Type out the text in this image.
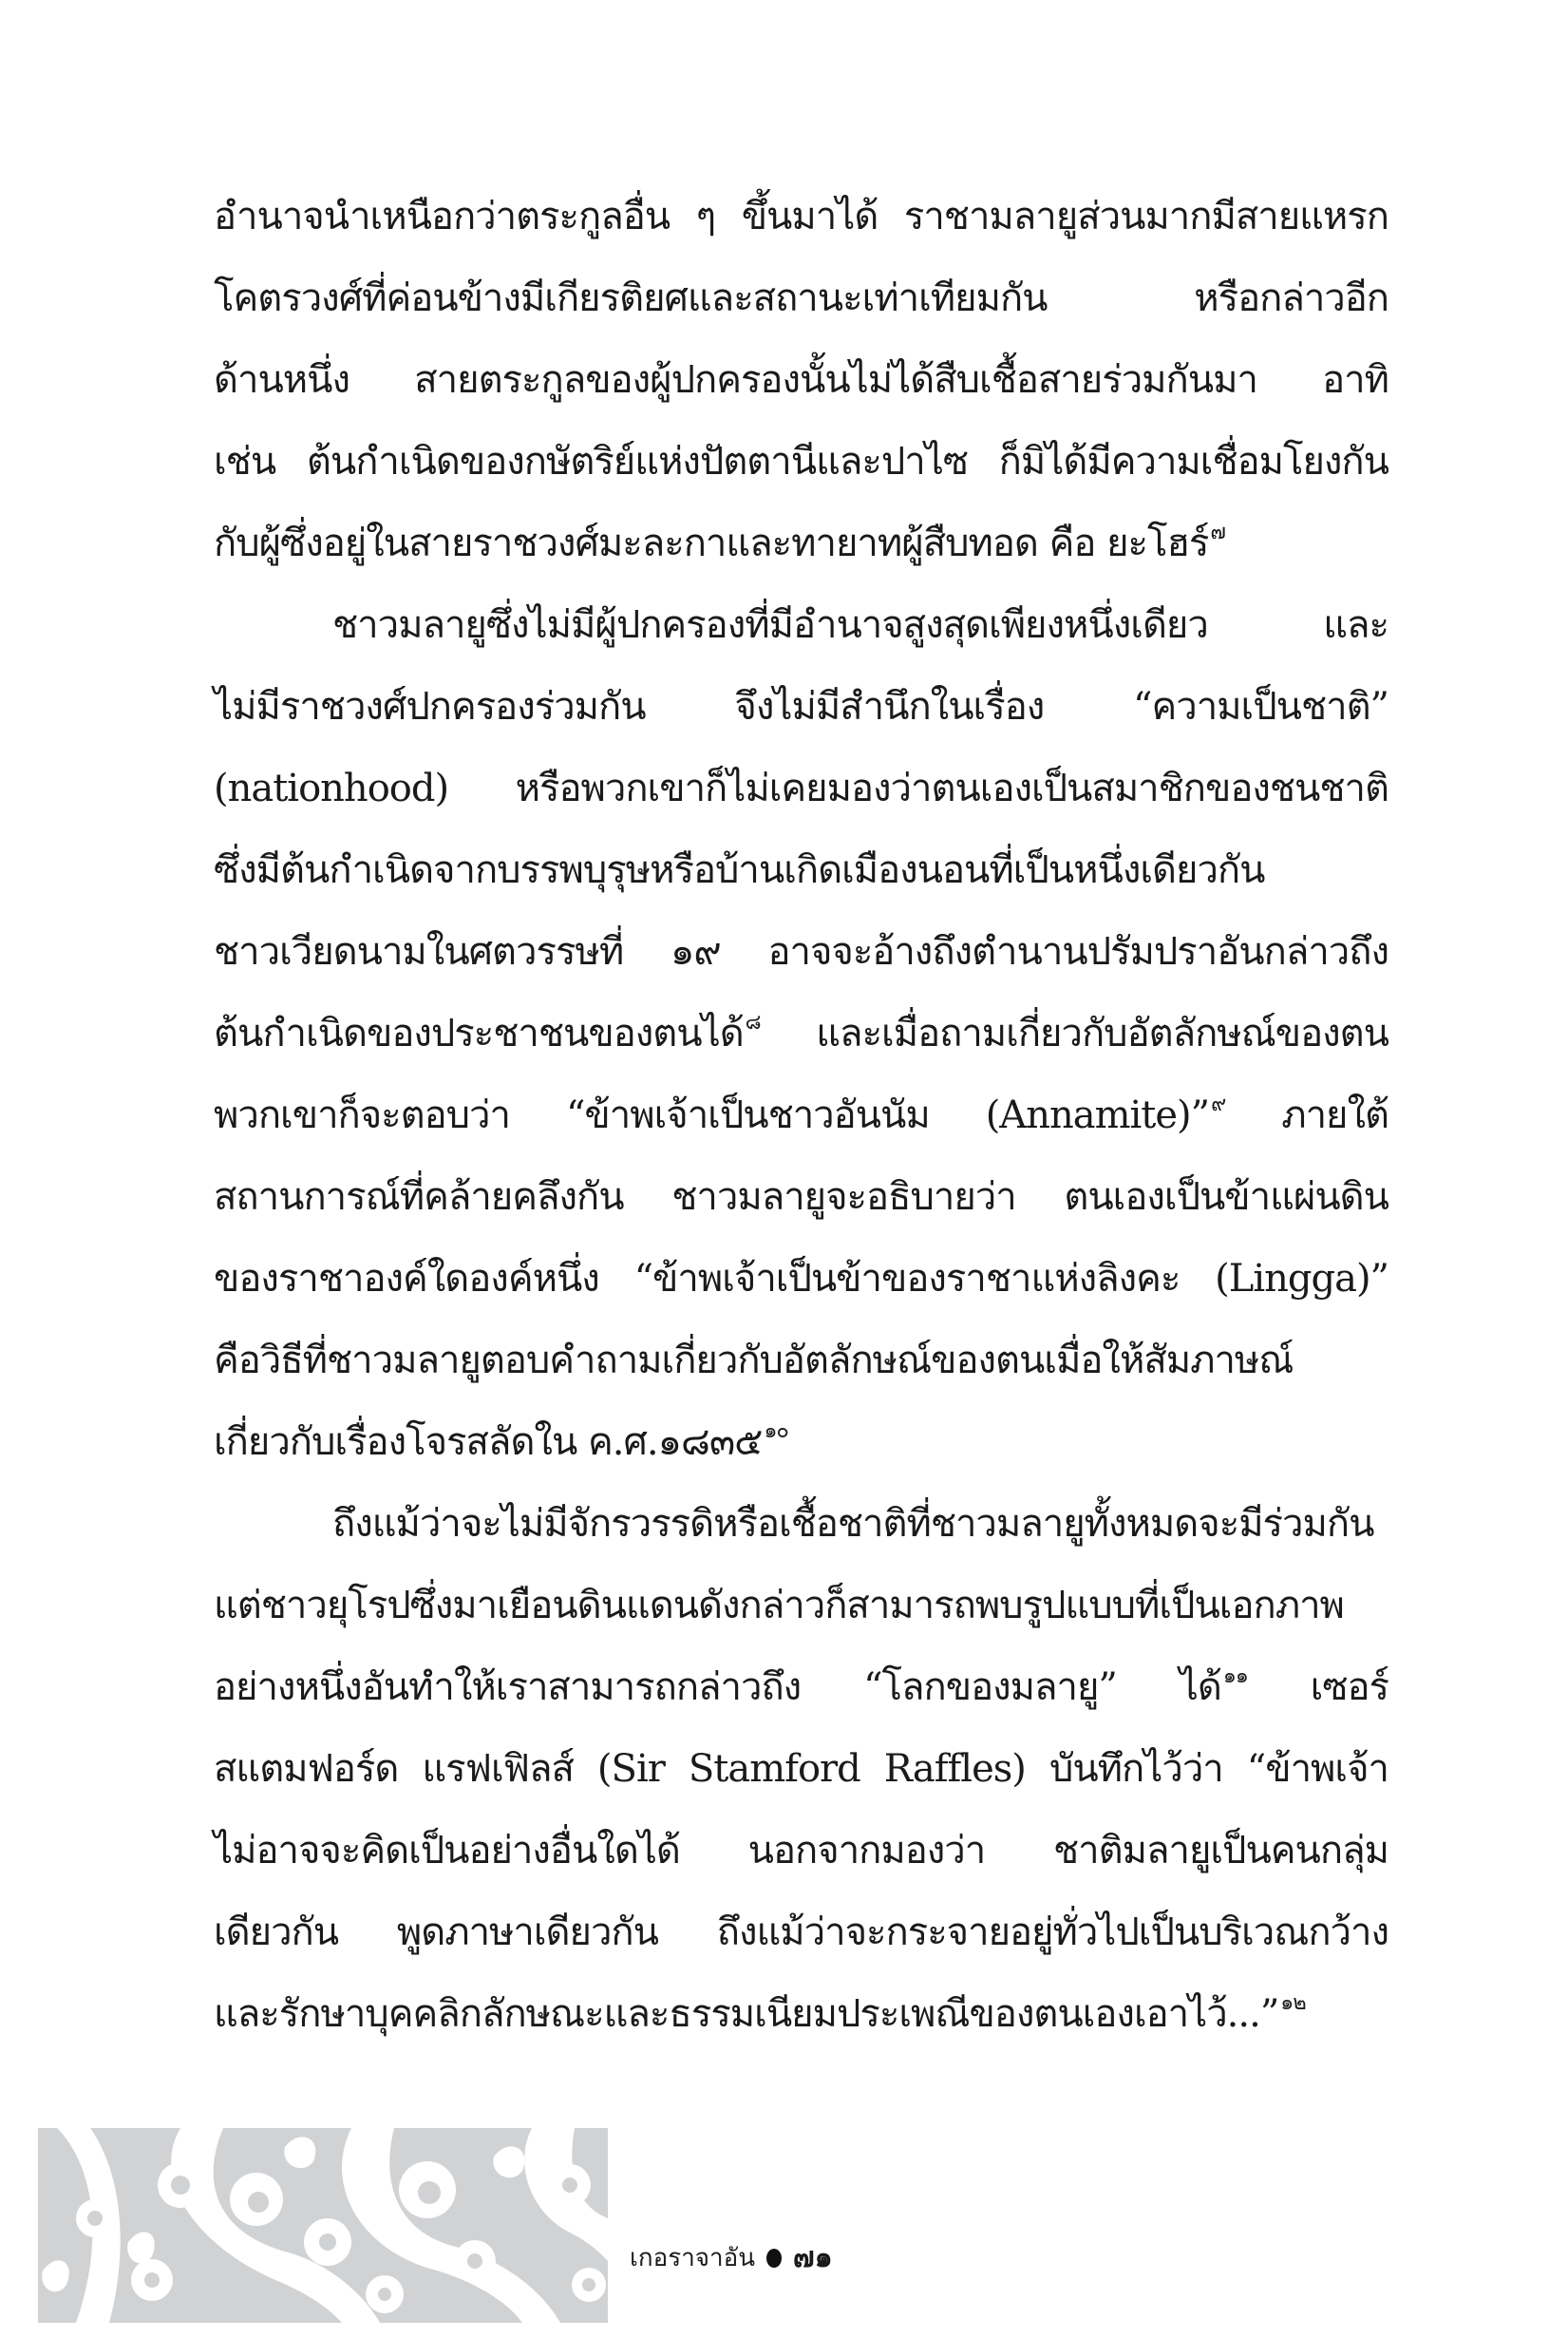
อำนาจนำเหนือกว่าตระกูลอื่น ๆ ขึ้นมาได้ ราชามลายูส่วนมากมีสายแหรก
โคตรวงศ์ที่ค่อนข้างมีเกียรติยศและสถานะเท่าเทียมกัน หรือกล่าวอีก
ด้านหนึ่ง สายตระกูลของผู้ปกครองนั้นไม่ได้สืบเชื้อสายร่วมกันมา อาทิ
เช่น ต้นกำเนิดของกษัตริย์แห่งปัตตานีและปาไซ ก็มิได้มีความเชื่อมโยงกัน
กับผู้ซึ่งอยู่ในสายราชวงศ์มะละกาและทายาทผู้สืบทอด คือ ยะโฮร์$^๗$
ชาวมลายูซึ่งไม่มีผู้ปกครองที่มีอำนาจสูงสุดเพียงหนึ่งเดียว และ
ไม่มีราชวงศ์ปกครองร่วมกัน จึงไม่มีสำนึกในเรื่อง “ความเป็นชาติ”
(nationhood) หรือพวกเขาก็ไม่เคยมองว่าตนเองเป็นสมาชิกของชนชาติ
ซึ่งมีต้นกำเนิดจากบรรพบุรุษหรือบ้านเกิดเมืองนอนที่เป็นหนึ่งเดียวกัน
ชาวเวียดนามในศตวรรษที่ ๑๙ อาจจะอ้างถึงตำนานปรัมปราอันกล่าวถึง
ต้นกำเนิดของประชาชนของตนได้$^๘$ และเมื่อถามเกี่ยวกับอัตลักษณ์ของตน
พวกเขาก็จะตอบว่า “ข้าพเจ้าเป็นชาวอันนัม (Annamite)”$^๙$ ภายใต้
สถานการณ์ที่คล้ายคลึงกัน ชาวมลายูจะอธิบายว่า ตนเองเป็นข้าแผ่นดิน
ของราชาองค์ใดองค์หนึ่ง “ข้าพเจ้าเป็นข้าของราชาแห่งลิงคะ (Lingga)”
คือวิธีที่ชาวมลายูตอบคำถามเกี่ยวกับอัตลักษณ์ของตนเมื่อให้สัมภาษณ์
เกี่ยวกับเรื่องโจรสลัดใน ค.ศ.๑๘๓๕$^{๑๐}$
ถึงแม้ว่าจะไม่มีจักรวรรดิหรือเชื้อชาติที่ชาวมลายูทั้งหมดจะมีร่วมกัน
แต่ชาวยุโรปซึ่งมาเยือนดินแดนดังกล่าวก็สามารถพบรูปแบบที่เป็นเอกภาพ
อย่างหนึ่งอันทำให้เราสามารถกล่าวถึง “โลกของมลายู” ได้$^{๑๑}$ เซอร์
สแตมฟอร์ด แรฟเฟิลส์ (Sir Stamford Raffles) บันทึกไว้ว่า “ข้าพเจ้า
ไม่อาจจะคิดเป็นอย่างอื่นใดได้ นอกจากมองว่า ชาติมลายูเป็นคนกลุ่ม
เดียวกัน พูดภาษาเดียวกัน ถึงแม้ว่าจะกระจายอยู่ทั่วไปเป็นบริเวณกว้าง
และรักษาบุคคลิกลักษณะและธรรมเนียมประเพณีของตนเองเอาไว้...”$^{๑๒}$
เกอราจาอัน ๗๑
